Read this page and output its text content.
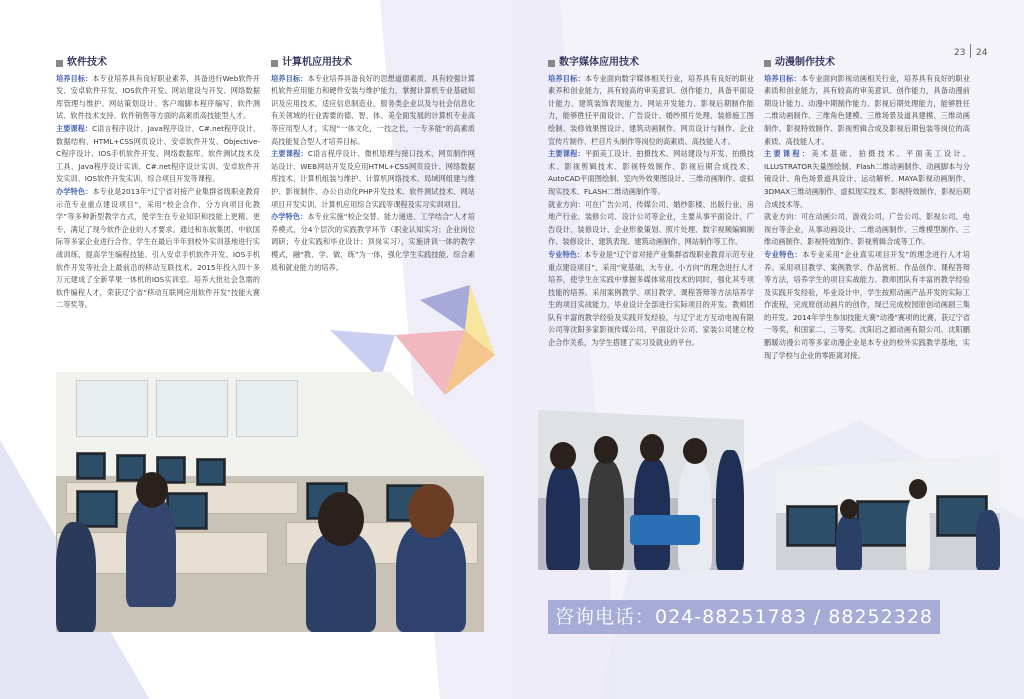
23 24
软件技术

培养目标：本专业培养具有良好职业素养，具备进行Web软件开发、安卓软件开发、IOS软件开发、网站建设与开发、网络数据库管理与维护、网站策划设计、客户端脚本程序编写、软件测试、软件技术支持、软件销售等方面的高素质高技能型人才。

主要课程：C语言程序设计、Java程序设计、C#.net程序设计、数据结构、HTML+CSS网页设计、安卓软件开发、Objective-C程序设计、IOS手机软件开发、网络数据库、软件测试技术及工具、Java程序设计实训、C#.net程序设计实训、安卓软件开发实训、IOS软件开发实训、综合项目开发等课程。

办学特色：本专业是2013年“辽宁省对接产业集群省级职业教育示范专业重点建设项目”，采用“校企合作、分方向项目化教学”等多种新型教学方式，使学生在专业知识和技能上更精、更专，满足了现今软件企业的人才要求。通过和东软集团、中软国际等多家企业进行合作，学生在最后半年到校外实训基地进行实战训练，提高学生编程技能。引入安卓手机软件开发、IOS手机软件开发等社会上最前沿的移动互联技术。2015年投入四十多万元建成了全新苹果一体机的IOS实训室。培养大批社会急需的软件编程人才，荣获辽宁省“移动互联网应用软件开发”技能大赛二等奖等。

计算机应用技术

培养目标：本专业培养具备良好的思想道德素质、具有较强计算机软件应用能力和硬件安装与维护能力，掌握计算机专业基础知识及应用技术，适应信息制造业、服务类企业以及与社会信息化有关领域的行业需要的德、智、体、美全面发展的计算机专业高等应用型人才，实现“一体文化，一技之长，一专多能”的高素质高技能复合型人才培养目标。

主要课程：C语言程序设计、微机原理与接口技术、网页制作网站设计、WEB网站开发及应用HTML+CSS网页设计、网络数据库技术、计算机组装与维护、计算机网络技术、局域网组建与维护、影视制作、办公自动化PHP开发技术、软件测试技术、网站项目开发实训、计算机应用综合实践等课程及实习实训项目。

办学特色：本专业实施“校企交替、能力递进、工学结合”人才培养模式，分4个层次的实践教学环节（职业认知实习；企业岗位调研；专业实践和毕业设计；顶岗实习），实施讲训一体的教学模式，融“教、学、做、练”为一体，强化学生实践技能、综合素质和就业能力的培养。

数字媒体应用技术

培养目标：本专业面向数字媒体相关行业，培养具有良好的职业素养和创业能力，具有较高的审美意识、创作能力，具备平面设计能力、建筑装饰表现能力、网站开发能力、影视后期制作能力，能够胜任平面设计、广告设计、婚纱照片处理、装修施工图绘制、装修效果图设计、建筑动画制作、网页设计与制作、企业宣传片制作、栏目片头制作等岗位的高素质、高技能人才。

主要课程：平面美工设计、拍摄技术、网站建设与开发、拍摄技术、影视剪辑技术、影视特效制作、影视后期合成技术、AutoCAD平面图绘制、室内外效果图设计、三维动画制作、虚拟现实技术、FLASH二维动画制作等。

就业方向：可在广告公司、传媒公司、婚纱影楼、出版行业、房地产行业、装修公司、设计公司等企业，主要从事平面设计、广告设计、装修设计、企业形象策划、照片处理、数字视频编辑制作、装修设计、建筑表现、建筑动画制作、网站制作等工作。

专业特色：本专业是“辽宁省对接产业集群省级职业教育示范专业重点建设项目”，采用“宽基础、大专业、小方向”的理念进行人才培养，使学生在实践中掌握多媒体常用技术的同时，强化其专项技能的培养。采用案例教学、项目教学、课程答辩等方法培养学生的项目实战能力，毕业设计全部进行实际项目的开发。教师团队有丰富的教学经验及实践开发经验，与辽宁北方互动电视有限公司等沈阳多家影视传媒公司、平面设计公司、家装公司建立校企合作关系，为学生搭建了实习及就业的平台。

动漫制作技术

培养目标：本专业面向影视动画相关行业，培养具有良好的职业素质和创业能力，具有较高的审美意识、创作能力，具备动漫前期设计能力、动漫中期制作能力、影视后期处理能力，能够胜任二维动画制作、三维角色建模、三维场景及道具建模、三维动画制作、影视特效制作、影视剪辑合成及影视后期包装等岗位的高素质、高技能人才。

主要课程：美术基础、拍摄技术、平面美工设计、ILLUSTRATOR矢量图绘制、Flash二维动画制作、动画脚本与分镜设计、角色场景道具设计、运动解析、MAYA影视动画制作、3DMAX三维动画制作、虚拟现实技术、影视特效制作、影视后期合成技术等。

就业方向：可在动画公司、游戏公司、广告公司、影视公司、电视台等企业，从事动画设计、二维动画制作、三维模型制作、三维动画制作、影视特效制作、影视剪辑合成等工作。

专业特色：本专业采用“企业真实项目开发”的理念进行人才培养。采用项目教学、案例教学、作品赏析、作品创作、课程答辩等方法，培养学生的项目实战能力。教师团队有丰富的教学经验及实践开发经验，毕业设计中，学生按照动画产品开发的实际工作流程，完成原创动画片的创作，现已完成校园原创动画剧三集的开发。2014年学生参加技能大赛“动漫”赛项的比赛，获辽宁省一等奖，和国家二、三等奖。沈阳启之源动画有限公司、沈阳鹏鹏暖动漫公司等多家动漫企业是本专业的校外实践教学基地，实现了学校与企业的零距离对接。

咨询电话：024-88251783 / 88252328
